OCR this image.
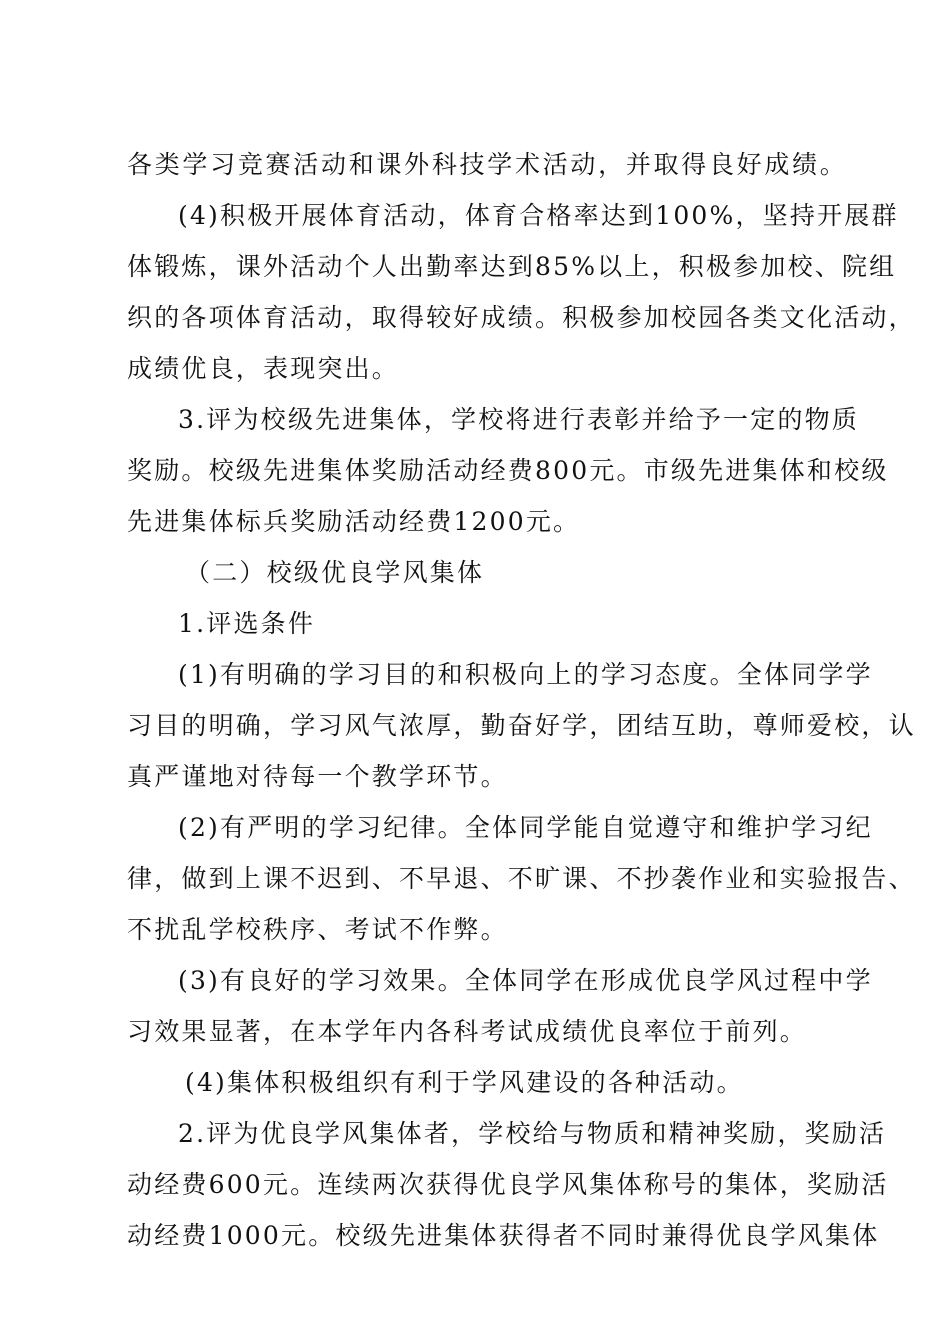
各类学习竞赛活动和课外科技学术活动，并取得良好成绩。
(4)积极开展体育活动，体育合格率达到100%，坚持开展群
体锻炼，课外活动个人出勤率达到85%以上，积极参加校、院组
织的各项体育活动，取得较好成绩。积极参加校园各类文化活动，
成绩优良，表现突出。
3.评为校级先进集体，学校将进行表彰并给予一定的物质
奖励。校级先进集体奖励活动经费800元。市级先进集体和校级
先进集体标兵奖励活动经费1200元。
（二）校级优良学风集体
1.评选条件
(1)有明确的学习目的和积极向上的学习态度。全体同学学
习目的明确，学习风气浓厚，勤奋好学，团结互助，尊师爱校，认
真严谨地对待每一个教学环节。
(2)有严明的学习纪律。全体同学能自觉遵守和维护学习纪
律，做到上课不迟到、不早退、不旷课、不抄袭作业和实验报告、
不扰乱学校秩序、考试不作弊。
(3)有良好的学习效果。全体同学在形成优良学风过程中学
习效果显著，在本学年内各科考试成绩优良率位于前列。
(4)集体积极组织有利于学风建设的各种活动。
2.评为优良学风集体者，学校给与物质和精神奖励，奖励活
动经费600元。连续两次获得优良学风集体称号的集体，奖励活
动经费1000元。校级先进集体获得者不同时兼得优良学风集体
